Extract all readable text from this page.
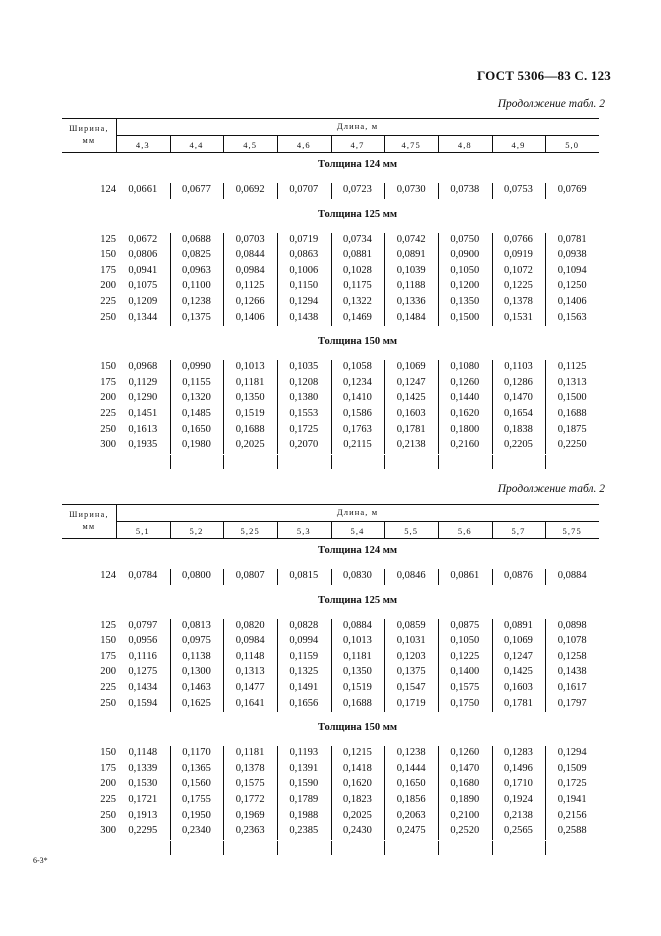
ГОСТ 5306—83 С. 123
Продолжение табл. 2
Ширина,
мм
Длина, м
4,3	4,4	4,5	4,6	4,7	4,75	4,8	4,9	5,0
Толщина 124 мм
124	0,0661	0,0677	0,0692	0,0707	0,0723	0,0730	0,0738	0,0753	0,0769
Толщина 125 мм
125	0,0672	0,0688	0,0703	0,0719	0,0734	0,0742	0,0750	0,0766	0,0781
150	0,0806	0,0825	0,0844	0,0863	0,0881	0,0891	0,0900	0,0919	0,0938
175	0,0941	0,0963	0,0984	0,1006	0,1028	0,1039	0,1050	0,1072	0,1094
200	0,1075	0,1100	0,1125	0,1150	0,1175	0,1188	0,1200	0,1225	0,1250
225	0,1209	0,1238	0,1266	0,1294	0,1322	0,1336	0,1350	0,1378	0,1406
250	0,1344	0,1375	0,1406	0,1438	0,1469	0,1484	0,1500	0,1531	0,1563
Толщина 150 мм
150	0,0968	0,0990	0,1013	0,1035	0,1058	0,1069	0,1080	0,1103	0,1125
175	0,1129	0,1155	0,1181	0,1208	0,1234	0,1247	0,1260	0,1286	0,1313
200	0,1290	0,1320	0,1350	0,1380	0,1410	0,1425	0,1440	0,1470	0,1500
225	0,1451	0,1485	0,1519	0,1553	0,1586	0,1603	0,1620	0,1654	0,1688
250	0,1613	0,1650	0,1688	0,1725	0,1763	0,1781	0,1800	0,1838	0,1875
300	0,1935	0,1980	0,2025	0,2070	0,2115	0,2138	0,2160	0,2205	0,2250
Продолжение табл. 2
Ширина,
мм
Длина, м
5,1	5,2	5,25	5,3	5,4	5,5	5,6	5,7	5,75
Толщина 124 мм
124	0,0784	0,0800	0,0807	0,0815	0,0830	0,0846	0,0861	0,0876	0,0884
Толщина 125 мм
125	0,0797	0,0813	0,0820	0,0828	0,0884	0,0859	0,0875	0,0891	0,0898
150	0,0956	0,0975	0,0984	0,0994	0,1013	0,1031	0,1050	0,1069	0,1078
175	0,1116	0,1138	0,1148	0,1159	0,1181	0,1203	0,1225	0,1247	0,1258
200	0,1275	0,1300	0,1313	0,1325	0,1350	0,1375	0,1400	0,1425	0,1438
225	0,1434	0,1463	0,1477	0,1491	0,1519	0,1547	0,1575	0,1603	0,1617
250	0,1594	0,1625	0,1641	0,1656	0,1688	0,1719	0,1750	0,1781	0,1797
Толщина 150 мм
150	0,1148	0,1170	0,1181	0,1193	0,1215	0,1238	0,1260	0,1283	0,1294
175	0,1339	0,1365	0,1378	0,1391	0,1418	0,1444	0,1470	0,1496	0,1509
200	0,1530	0,1560	0,1575	0,1590	0,1620	0,1650	0,1680	0,1710	0,1725
225	0,1721	0,1755	0,1772	0,1789	0,1823	0,1856	0,1890	0,1924	0,1941
250	0,1913	0,1950	0,1969	0,1988	0,2025	0,2063	0,2100	0,2138	0,2156
300	0,2295	0,2340	0,2363	0,2385	0,2430	0,2475	0,2520	0,2565	0,2588
6-3*
